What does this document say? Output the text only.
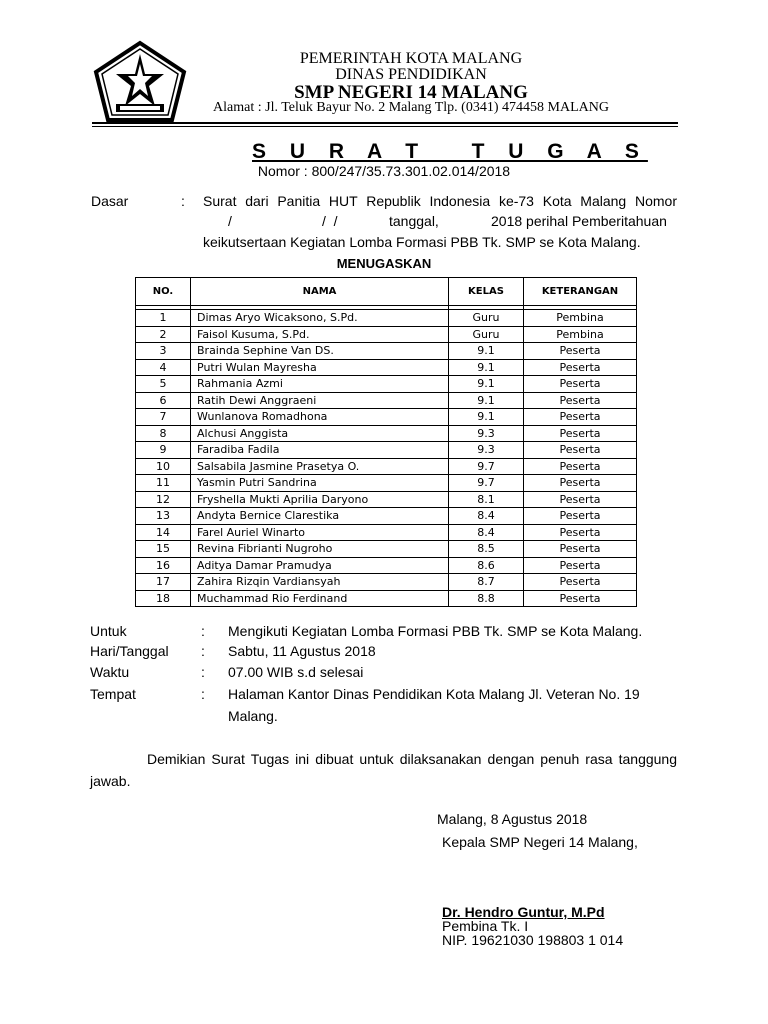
PEMERINTAH KOTA MALANG
DINAS PENDIDIKAN
SMP NEGERI 14 MALANG
Alamat : Jl. Teluk Bayur No. 2 Malang Tlp. (0341) 474458 MALANG
S U R A T   T U G A S
Nomor : 800/247/35.73.301.02.014/2018
Dasar	: Surat dari Panitia HUT Republik Indonesia ke-73 Kota Malang Nomor
/	/  /	tanggal,	2018 perihal Pemberitahuan
keikutsertaan Kegiatan Lomba Formasi PBB Tk. SMP se Kota Malang.
MENUGASKAN
NO.	NAMA	KELAS	KETERANGAN

1	Dimas Aryo Wicaksono, S.Pd.	Guru	Pembina
2	Faisol Kusuma, S.Pd.	Guru	Pembina
3	Brainda Sephine Van DS.	9.1	Peserta
4	Putri Wulan Mayresha	9.1	Peserta
5	Rahmania Azmi	9.1	Peserta
6	Ratih Dewi Anggraeni	9.1	Peserta
7	Wunlanova Romadhona	9.1	Peserta
8	Alchusi Anggista	9.3	Peserta
9	Faradiba Fadila	9.3	Peserta
10	Salsabila Jasmine Prasetya O.	9.7	Peserta
11	Yasmin Putri Sandrina	9.7	Peserta
12	Fryshella Mukti Aprilia Daryono	8.1	Peserta
13	Andyta Bernice Clarestika	8.4	Peserta
14	Farel Auriel Winarto	8.4	Peserta
15	Revina Fibrianti Nugroho	8.5	Peserta
16	Aditya Damar Pramudya	8.6	Peserta
17	Zahira Rizqin Vardiansyah	8.7	Peserta
18	Muchammad Rio Ferdinand	8.8	Peserta
Untuk	: Mengikuti Kegiatan Lomba Formasi PBB Tk. SMP se Kota Malang.
Hari/Tanggal : Sabtu, 11 Agustus 2018
Waktu	: 07.00 WIB s.d selesai
Tempat	: Halaman Kantor Dinas Pendidikan Kota Malang Jl. Veteran No. 19
Malang.
Demikian Surat Tugas ini dibuat untuk dilaksanakan dengan penuh rasa tanggung jawab.
Malang, 8 Agustus 2018
Kepala SMP Negeri 14 Malang,
Dr. Hendro Guntur, M.Pd
Pembina Tk. I
NIP. 19621030 198803 1 014
